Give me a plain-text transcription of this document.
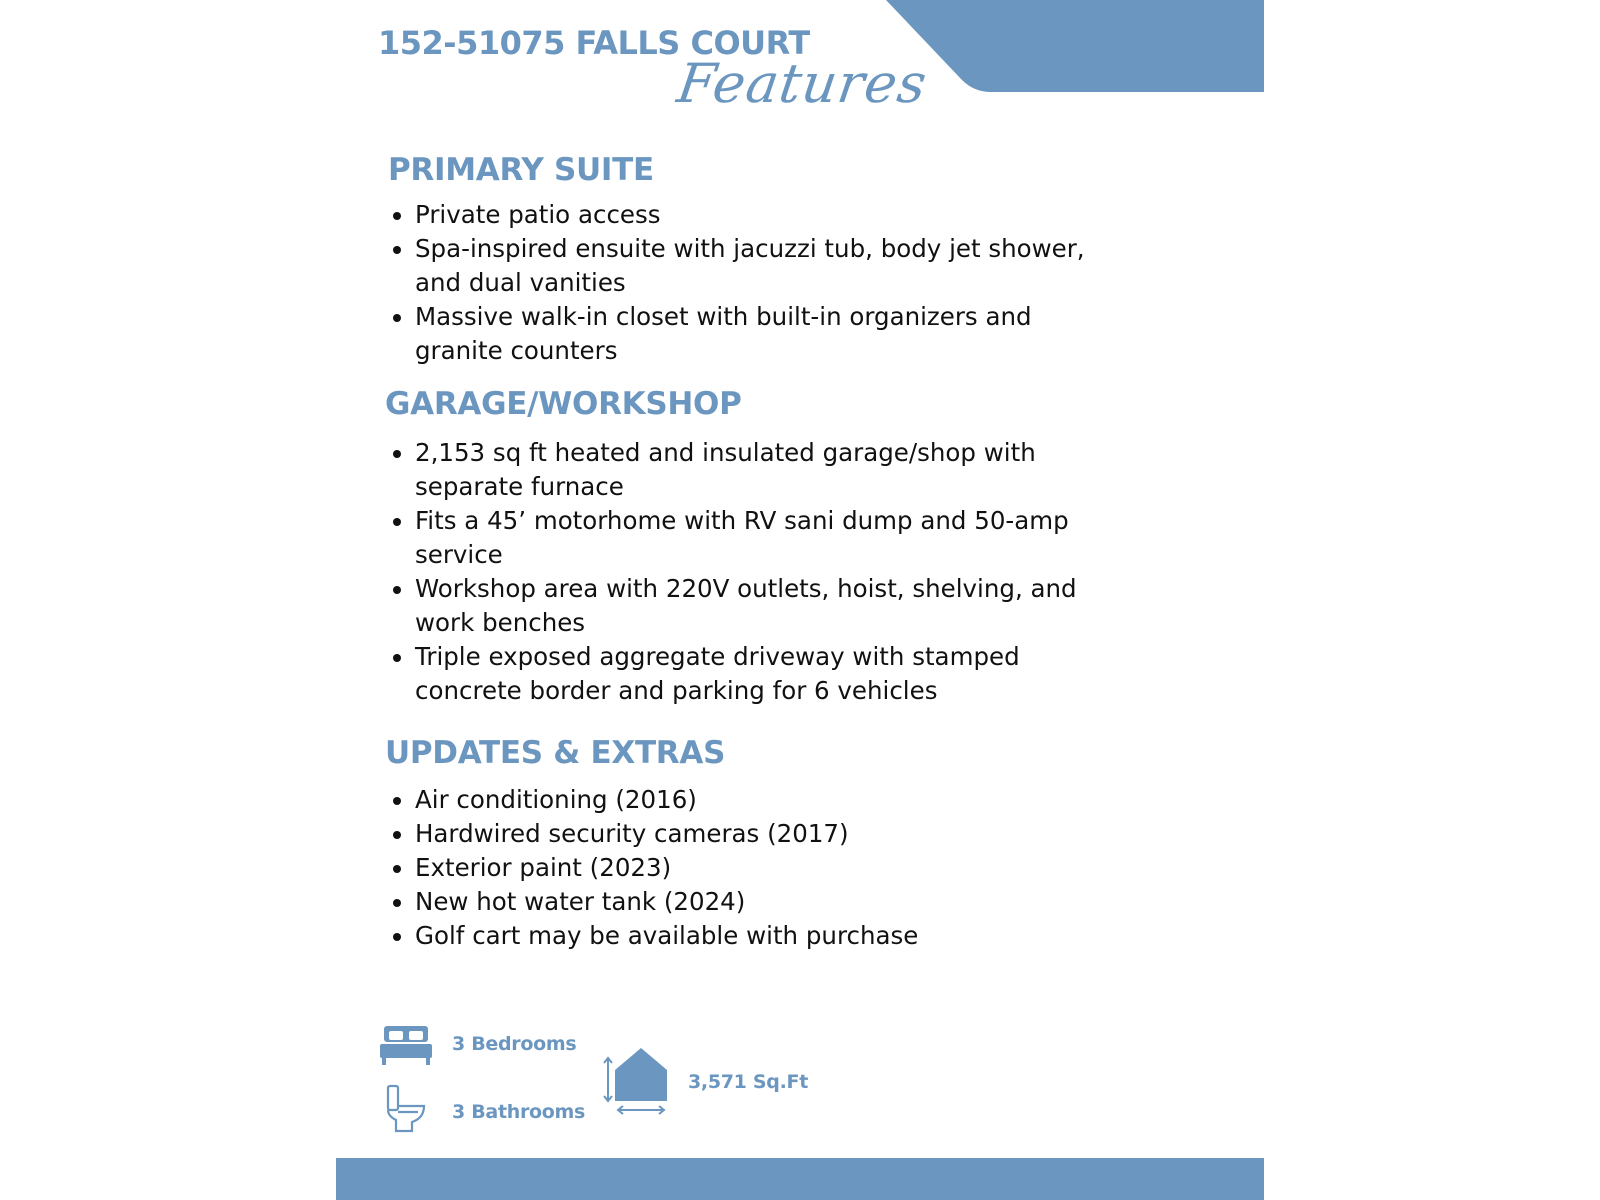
152-51075 FALLS COURT
Features
PRIMARY SUITE
Private patio access
Spa-inspired ensuite with jacuzzi tub, body jet shower, and dual vanities
Massive walk-in closet with built-in organizers and granite counters
GARAGE/WORKSHOP
2,153 sq ft heated and insulated garage/shop with separate furnace
Fits a 45’ motorhome with RV sani dump and 50-amp service
Workshop area with 220V outlets, hoist, shelving, and work benches
Triple exposed aggregate driveway with stamped concrete border and parking for 6 vehicles
UPDATES & EXTRAS
Air conditioning (2016)
Hardwired security cameras (2017)
Exterior paint (2023)
New hot water tank (2024)
Golf cart may be available with purchase
3 Bedrooms
3 Bathrooms
3,571 Sq.Ft
